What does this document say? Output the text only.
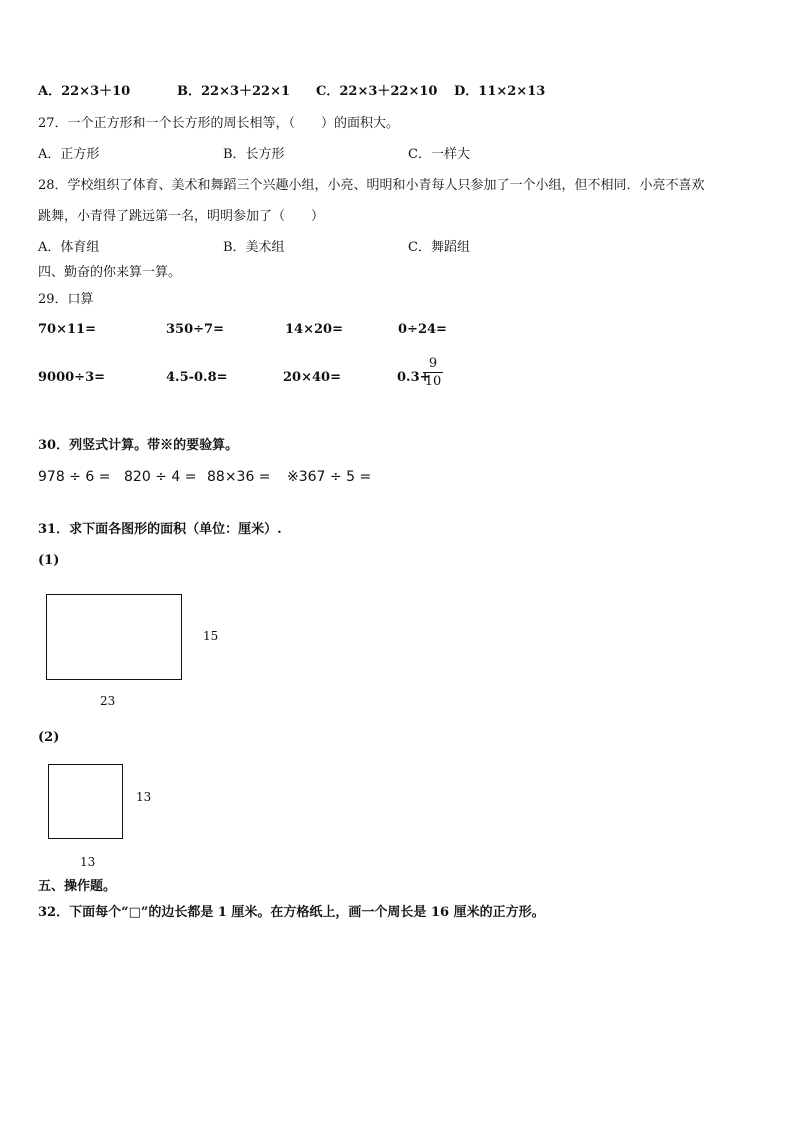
A．22×3＋10	B．22×3＋22×1 C．22×3＋22×10 D．11×2×13
27．一个正方形和一个长方形的周长相等，（　　）的面积大。
A．正方形	B．长方形	C．一样大
28．学校组织了体育、美术和舞蹈三个兴趣小组，小亮、明明和小青每人只参加了一个小组，但不相同．小亮不喜欢
跳舞，小青得了跳远第一名，明明参加了（　　）
A．体育组	B．美术组	C．舞蹈组
四、勤奋的你来算一算。
29．口算
70×11=	350÷7=	14×20=	0÷24=
9000÷3=	4.5-0.8=	20×40=	0.3+
9
10
30．列竖式计算。带※的要验算。
978 ÷ 6 = 820 ÷ 4 = 88×36 = ※367 ÷ 5 =
31．求下面各图形的面积（单位：厘米）.
(1)
15
23
(2)
13
13
五、操作题。
32．下面每个“□”的边长都是 1 厘米。在方格纸上，画一个周长是 16 厘米的正方形。
